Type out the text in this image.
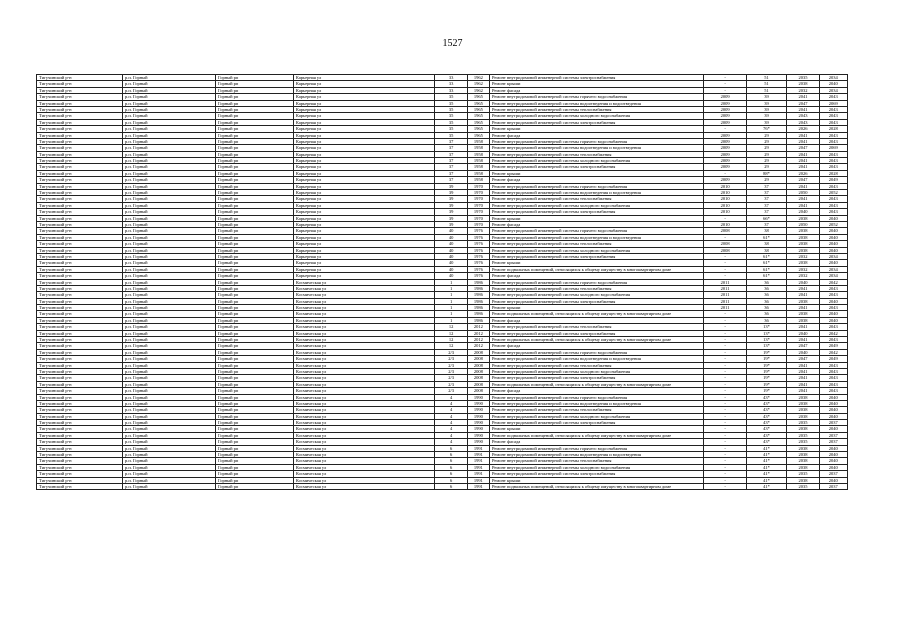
1527
Тигучинский р-н	р.п. Горный	Горный рп	Карьерная ул	33	1962	Ремонт внутридомовой инженерной системы электроснабжения	-	51	2035	2034
Тигучинский р-н	р.п. Горный	Горный рп	Карьерная ул	33	1962	Ремонт крыши	-	51	2038	2040
Тигучинский р-н	р.п. Горный	Горный рп	Карьерная ул	33	1962	Ремонт фасада	-	51	2032	2034
Тигучинский р-н	р.п. Горный	Горный рп	Карьерная ул	35	1965	Ремонт внутридомовой инженерной системы горячего водоснабжения	2009	39	2041	2043
Тигучинский р-н	р.п. Горный	Горный рп	Карьерная ул	35	1965	Ремонт внутридомовой инженерной системы водоотведения и водоотведения	2009	39	2047	2069
Тигучинский р-н	р.п. Горный	Горный рп	Карьерная ул	35	1965	Ремонт внутридомовой инженерной системы теплоснабжения	2009	39	2041	2043
Тигучинский р-н	р.п. Горный	Горный рп	Карьерная ул	35	1965	Ремонт внутридомовой инженерной системы холодного водоснабжения	2009	39	2043	2043
Тигучинский р-н	р.п. Горный	Горный рп	Карьерная ул	35	1965	Ремонт внутридомовой инженерной системы электроснабжения	2009	39	2043	2043
Тигучинский р-н	р.п. Горный	Горный рп	Карьерная ул	35	1965	Ремонт крыши	-	76*	2026	2028
Тигучинский р-н	р.п. Горный	Горный рп	Карьерная ул	35	1965	Ремонт фасада	2009	29	2041	2043
Тигучинский р-н	р.п. Горный	Горный рп	Карьерная ул	37	1958	Ремонт внутридомовой инженерной системы горячего водоснабжения	2009	29	2041	2043
Тигучинский р-н	р.п. Горный	Горный рп	Карьерная ул	37	1958	Ремонт внутридомовой инженерной системы водоотведения и водоотведения	2009	29	2047	2069
Тигучинский р-н	р.п. Горный	Горный рп	Карьерная ул	37	1958	Ремонт внутридомовой инженерной системы теплоснабжения	2009	29	2041	2043
Тигучинский р-н	р.п. Горный	Горный рп	Карьерная ул	37	1958	Ремонт внутридомовой инженерной системы холодного водоснабжения	2009	29	2041	2043
Тигучинский р-н	р.п. Горный	Горный рп	Карьерная ул	37	1958	Ремонт внутридомовой инженерной системы электроснабжения	2009	29	2041	2043
Тигучинский р-н	р.п. Горный	Горный рп	Карьерная ул	37	1958	Ремонт крыши	-	88*	2026	2028
Тигучинский р-н	р.п. Горный	Горный рп	Карьерная ул	37	1958	Ремонт фасада	2009	29	2047	2049
Тигучинский р-н	р.п. Горный	Горный рп	Карьерная ул	39	1970	Ремонт внутридомовой инженерной системы горячего водоснабжения	2010	37	2041	2043
Тигучинский р-н	р.п. Горный	Горный рп	Карьерная ул	39	1970	Ремонт внутридомовой инженерной системы водоотведения и водоотведения	2010	37	2050	2052
Тигучинский р-н	р.п. Горный	Горный рп	Карьерная ул	39	1970	Ремонт внутридомовой инженерной системы теплоснабжения	2010	37	2041	2043
Тигучинский р-н	р.п. Горный	Горный рп	Карьерная ул	39	1970	Ремонт внутридомовой инженерной системы холодного водоснабжения	2010	37	2041	2043
Тигучинский р-н	р.п. Горный	Горный рп	Карьерная ул	39	1970	Ремонт внутридомовой инженерной системы электроснабжения	2010	37	2040	2043
Тигучинский р-н	р.п. Горный	Горный рп	Карьерная ул	39	1970	Ремонт крыши	-	66*	2038	2040
Тигучинский р-н	р.п. Горный	Горный рп	Карьерная ул	39	1970	Ремонт фасада	2010	37	2050	2052
Тигучинский р-н	р.п. Горный	Горный рп	Карьерная ул	40	1976	Ремонт внутридомовой инженерной системы горячего водоснабжения	2008	38	2038	2040
Тигучинский р-н	р.п. Горный	Горный рп	Карьерная ул	40	1976	Ремонт внутридомовой инженерной системы водоотведения и водоотведения	-	61*	2038	2040
Тигучинский р-н	р.п. Горный	Горный рп	Карьерная ул	40	1976	Ремонт внутридомовой инженерной системы теплоснабжения	2008	38	2038	2040
Тигучинский р-н	р.п. Горный	Горный рп	Карьерная ул	40	1976	Ремонт внутридомовой инженерной системы холодного водоснабжения	2008	38	2038	2040
Тигучинский р-н	р.п. Горный	Горный рп	Карьерная ул	40	1976	Ремонт внутридомовой инженерной системы электроснабжения	-	61*	2032	2034
Тигучинский р-н	р.п. Горный	Горный рп	Карьерная ул	40	1976	Ремонт крыши	-	61*	2038	2040
Тигучинский р-н	р.п. Горный	Горный рп	Карьерная ул	40	1976	Ремонт подвальных помещений, относящихся к общему имуществу в многоквартирном доме	-	61*	2032	2034
Тигучинский р-н	р.п. Горный	Горный рп	Карьерная ул	40	1976	Ремонт фасада	-	61*	2032	2034
Тигучинский р-н	р.п. Горный	Горный рп	Космическая ул	1	1986	Ремонт внутридомовой инженерной системы горячего водоснабжения	2011	36	2040	2042
Тигучинский р-н	р.п. Горный	Горный рп	Космическая ул	1	1986	Ремонт внутридомовой инженерной системы теплоснабжения	2011	36	2041	2043
Тигучинский р-н	р.п. Горный	Горный рп	Космическая ул	1	1986	Ремонт внутридомовой инженерной системы холодного водоснабжения	2011	36	2041	2043
Тигучинский р-н	р.п. Горный	Горный рп	Космическая ул	1	1986	Ремонт внутридомовой инженерной системы электроснабжения	2011	36	2038	2040
Тигучинский р-н	р.п. Горный	Горный рп	Космическая ул	1	1986	Ремонт крыши	2011	36	2041	2043
Тигучинский р-н	р.п. Горный	Горный рп	Космическая ул	1	1986	Ремонт подвальных помещений, относящихся к общему имуществу в многоквартирном доме	-	36	2038	2040
Тигучинский р-н	р.п. Горный	Горный рп	Космическая ул	1	1986	Ремонт фасада	-	36	2038	2040
Тигучинский р-н	р.п. Горный	Горный рп	Космическая ул	12	2012	Ремонт внутридомовой инженерной системы теплоснабжения	-	13*	2041	2043
Тигучинский р-н	р.п. Горный	Горный рп	Космическая ул	12	2012	Ремонт внутридомовой инженерной системы электроснабжения	-	13*	2040	2042
Тигучинский р-н	р.п. Горный	Горный рп	Космическая ул	12	2012	Ремонт подвальных помещений, относящихся к общему имуществу в многоквартирном доме	-	13*	2041	2043
Тигучинский р-н	р.п. Горный	Горный рп	Космическая ул	12	2012	Ремонт фасада	-	13*	2047	2049
Тигучинский р-н	р.п. Горный	Горный рп	Космическая ул	2/3	2008	Ремонт внутридомовой инженерной системы горячего водоснабжения	-	19*	2040	2042
Тигучинский р-н	р.п. Горный	Горный рп	Космическая ул	2/3	2008	Ремонт внутридомовой инженерной системы водоотведения и водоотведения	-	19*	2047	2049
Тигучинский р-н	р.п. Горный	Горный рп	Космическая ул	2/3	2008	Ремонт внутридомовой инженерной системы теплоснабжения	-	19*	2041	2043
Тигучинский р-н	р.п. Горный	Горный рп	Космическая ул	2/3	2008	Ремонт внутридомовой инженерной системы холодного водоснабжения	-	19*	2041	2043
Тигучинский р-н	р.п. Горный	Горный рп	Космическая ул	2/3	2008	Ремонт внутридомовой инженерной системы электроснабжения	-	19*	2041	2043
Тигучинский р-н	р.п. Горный	Горный рп	Космическая ул	2/3	2008	Ремонт подвальных помещений, относящихся к общему имуществу в многоквартирном доме	-	19*	2041	2043
Тигучинский р-н	р.п. Горный	Горный рп	Космическая ул	2/3	2008	Ремонт фасада	-	19*	2041	2043
Тигучинский р-н	р.п. Горный	Горный рп	Космическая ул	4	1990	Ремонт внутридомовой инженерной системы горячего водоснабжения	-	43*	2038	2040
Тигучинский р-н	р.п. Горный	Горный рп	Космическая ул	4	1990	Ремонт внутридомовой инженерной системы водоотведения и водоотведения	-	43*	2038	2040
Тигучинский р-н	р.п. Горный	Горный рп	Космическая ул	4	1990	Ремонт внутридомовой инженерной системы теплоснабжения	-	43*	2038	2040
Тигучинский р-н	р.п. Горный	Горный рп	Космическая ул	4	1990	Ремонт внутридомовой инженерной системы холодного водоснабжения	-	43*	2038	2040
Тигучинский р-н	р.п. Горный	Горный рп	Космическая ул	4	1990	Ремонт внутридомовой инженерной системы электроснабжения	-	43*	2035	2037
Тигучинский р-н	р.п. Горный	Горный рп	Космическая ул	4	1990	Ремонт крыши	-	43*	2038	2040
Тигучинский р-н	р.п. Горный	Горный рп	Космическая ул	4	1990	Ремонт подвальных помещений, относящихся к общему имуществу в многоквартирном доме	-	43*	2035	2037
Тигучинский р-н	р.п. Горный	Горный рп	Космическая ул	4	1990	Ремонт фасада	-	43*	2035	2037
Тигучинский р-н	р.п. Горный	Горный рп	Космическая ул	6	1991	Ремонт внутридомовой инженерной системы горячего водоснабжения	-	41*	2038	2040
Тигучинский р-н	р.п. Горный	Горный рп	Космическая ул	6	1991	Ремонт внутридомовой инженерной системы водоотведения и водоотведения	-	41*	2038	2040
Тигучинский р-н	р.п. Горный	Горный рп	Космическая ул	6	1991	Ремонт внутридомовой инженерной системы теплоснабжения	-	41*	2038	2040
Тигучинский р-н	р.п. Горный	Горный рп	Космическая ул	6	1991	Ремонт внутридомовой инженерной системы холодного водоснабжения	-	41*	2038	2040
Тигучинский р-н	р.п. Горный	Горный рп	Космическая ул	6	1991	Ремонт внутридомовой инженерной системы электроснабжения	-	41*	2035	2037
Тигучинский р-н	р.п. Горный	Горный рп	Космическая ул	6	1991	Ремонт крыши	-	41*	2038	2040
Тигучинский р-н	р.п. Горный	Горный рп	Космическая ул	6	1991	Ремонт подвальных помещений, относящихся к общему имуществу в многоквартирном доме	-	41*	2035	2037
